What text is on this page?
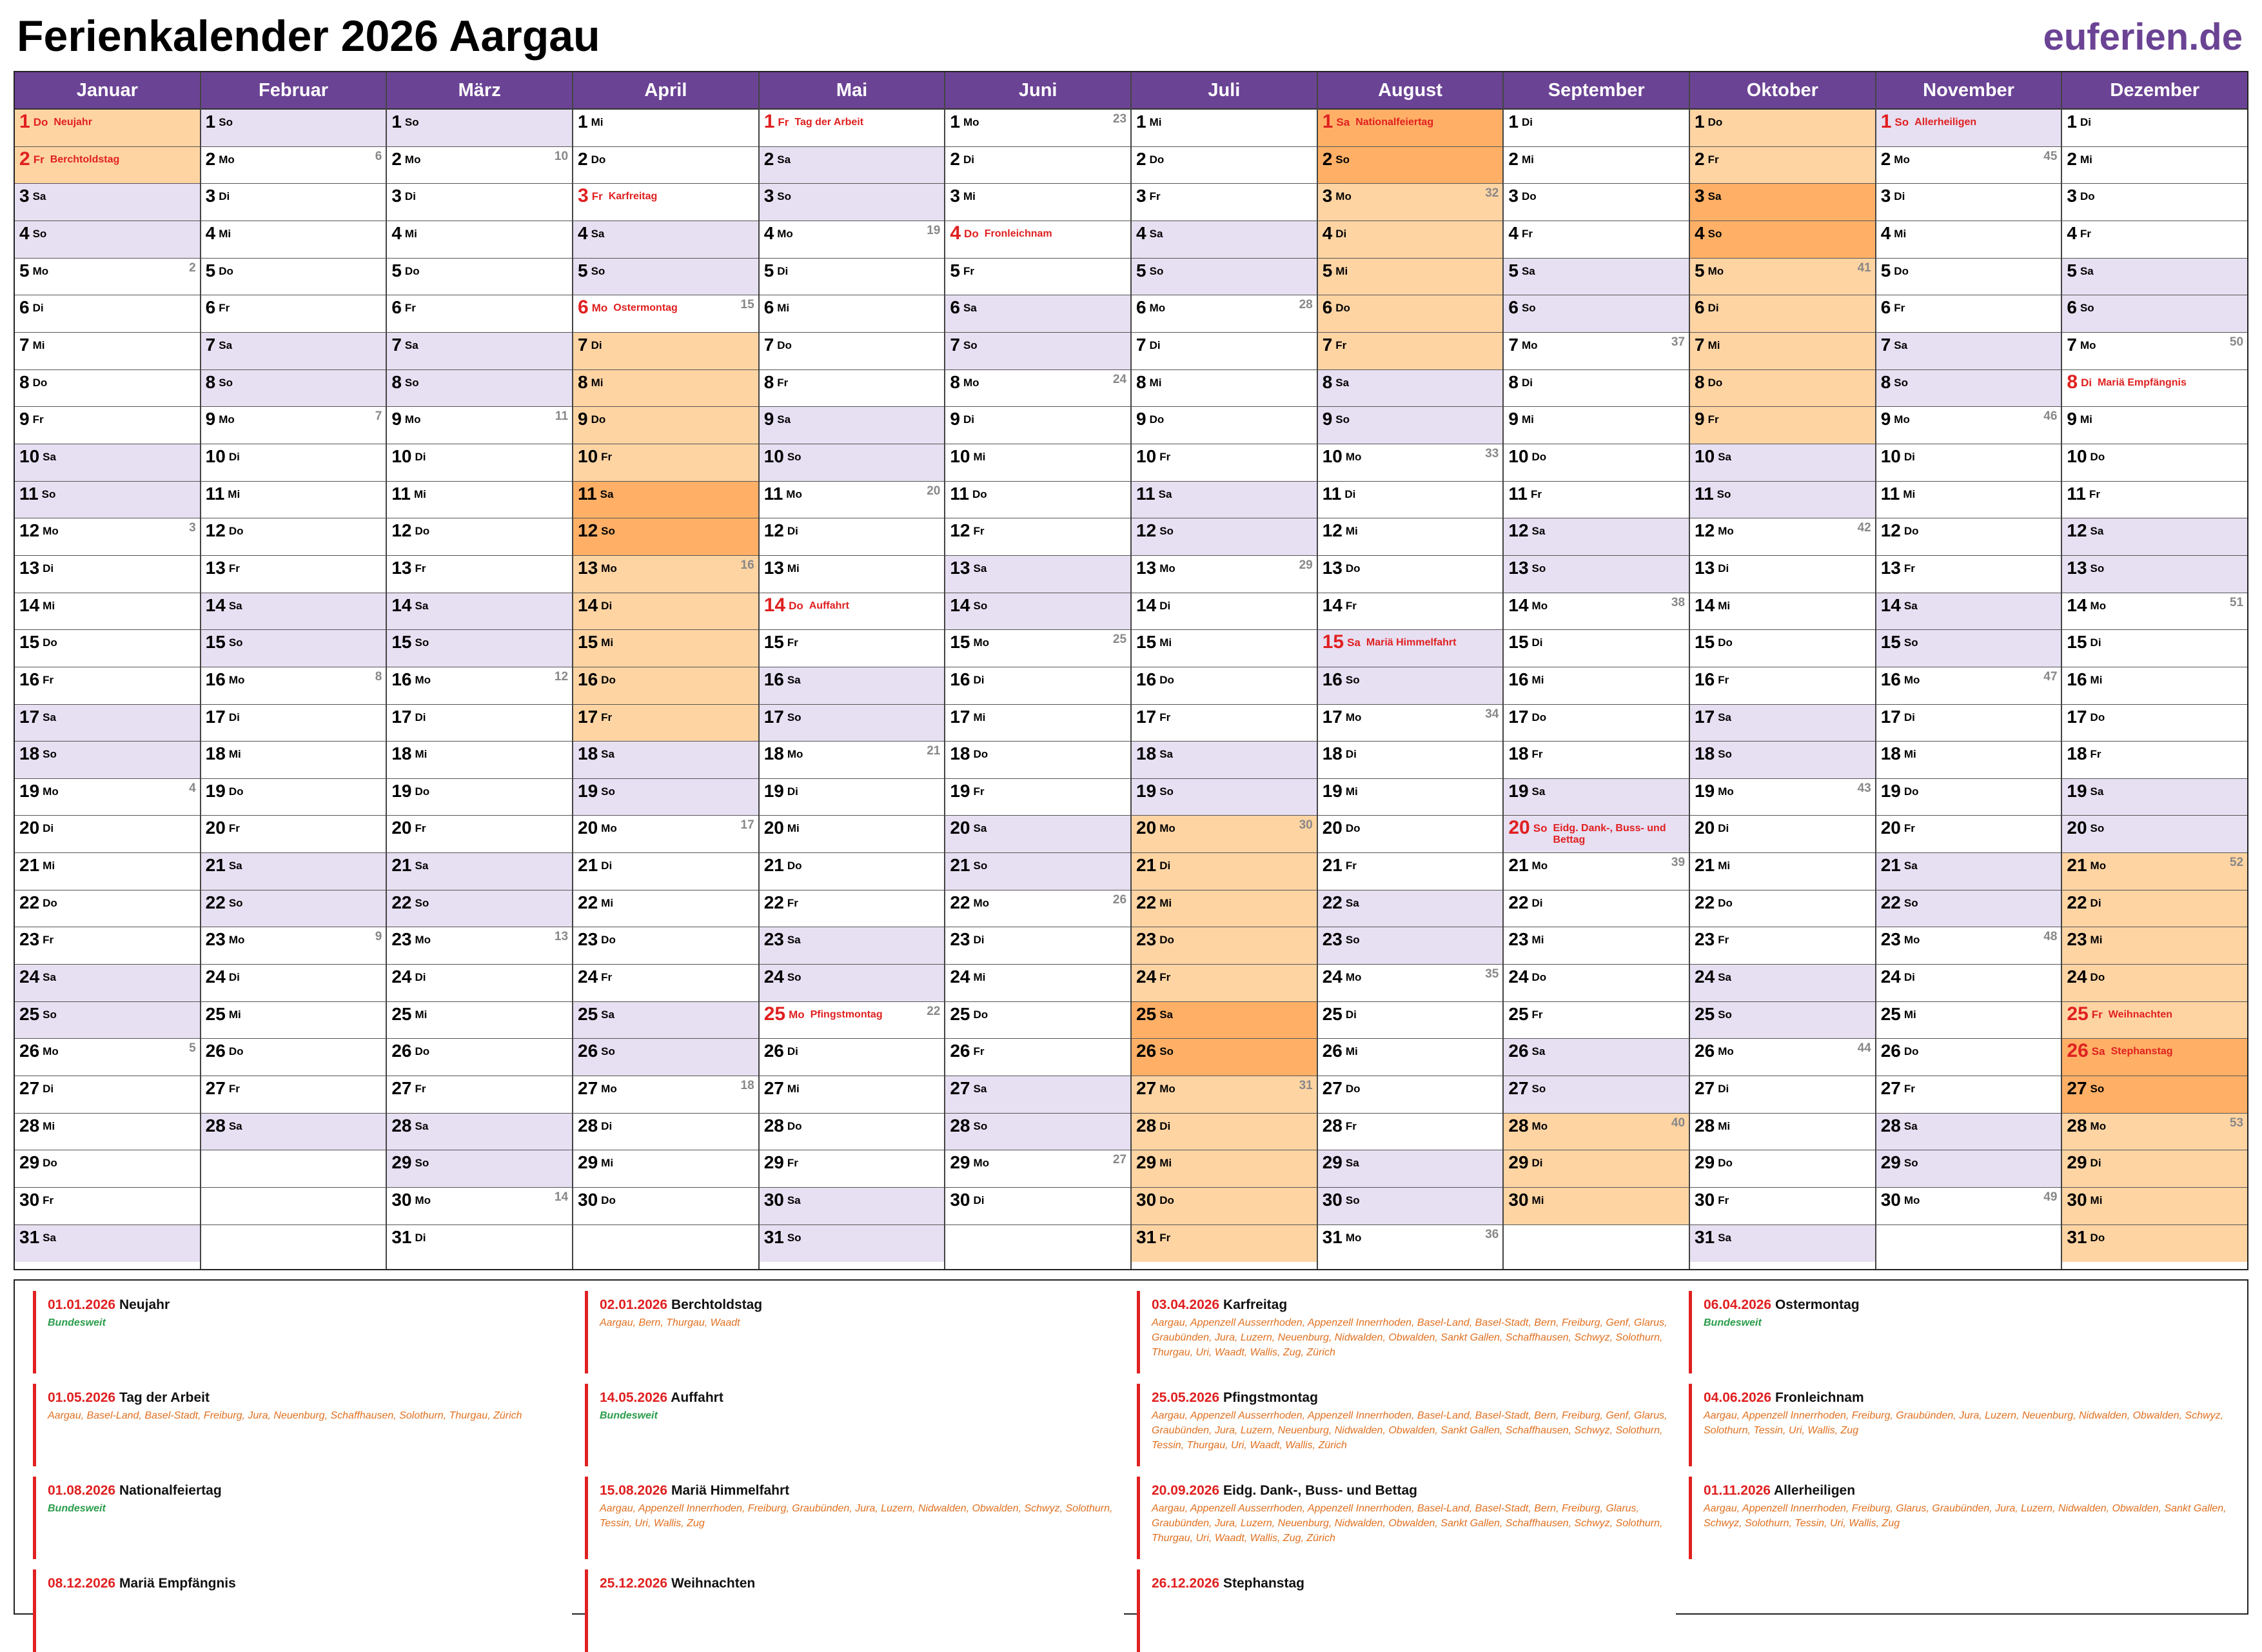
Ferienkalender 2026 Aargau	euferien.de
Januar
1 Do Neujahr
2 Fr Berchtoldstag
3 Sa
4 So
5 Mo	2
6 Di
7 Mi
8 Do
9 Fr
10 Sa
11 So
12 Mo	3
13 Di
14 Mi
15 Do
16 Fr
17 Sa
18 So
19 Mo	4
20 Di
21 Mi
22 Do
23 Fr
24 Sa
25 So
26 Mo	5
27 Di
28 Mi
29 Do
30 Fr
31 Sa
Februar
1 So
2 Mo	6
3 Di
4 Mi
5 Do
6 Fr
7 Sa
8 So
9 Mo	7
10 Di
11 Mi
12 Do
13 Fr
14 Sa
15 So
16 Mo	8
17 Di
18 Mi
19 Do
20 Fr
21 Sa
22 So
23 Mo	9
24 Di
25 Mi
26 Do
27 Fr
28 Sa
März
1 So
2 Mo	10
3 Di
4 Mi
5 Do
6 Fr
7 Sa
8 So
9 Mo	11
10 Di
11 Mi
12 Do
13 Fr
14 Sa
15 So
16 Mo	12
17 Di
18 Mi
19 Do
20 Fr
21 Sa
22 So
23 Mo	13
24 Di
25 Mi
26 Do
27 Fr
28 Sa
29 So
30 Mo	14
31 Di
April
1 Mi
2 Do
3 Fr Karfreitag
4 Sa
5 So
6 Mo Ostermontag	15
7 Di
8 Mi
9 Do
10 Fr
11 Sa
12 So
13 Mo	16
14 Di
15 Mi
16 Do
17 Fr
18 Sa
19 So
20 Mo	17
21 Di
22 Mi
23 Do
24 Fr
25 Sa
26 So
27 Mo	18
28 Di
29 Mi
30 Do
Mai
1 Fr Tag der Arbeit
2 Sa
3 So
4 Mo	19
5 Di
6 Mi
7 Do
8 Fr
9 Sa
10 So
11 Mo	20
12 Di
13 Mi
14 Do Auffahrt
15 Fr
16 Sa
17 So
18 Mo	21
19 Di
20 Mi
21 Do
22 Fr
23 Sa
24 So
25 Mo Pfingstmontag	22
26 Di
27 Mi
28 Do
29 Fr
30 Sa
31 So
Juni
1 Mo	23
2 Di
3 Mi
4 Do Fronleichnam
5 Fr
6 Sa
7 So
8 Mo	24
9 Di
10 Mi
11 Do
12 Fr
13 Sa
14 So
15 Mo	25
16 Di
17 Mi
18 Do
19 Fr
20 Sa
21 So
22 Mo	26
23 Di
24 Mi
25 Do
26 Fr
27 Sa
28 So
29 Mo	27
30 Di
Juli
1 Mi
2 Do
3 Fr
4 Sa
5 So
6 Mo	28
7 Di
8 Mi
9 Do
10 Fr
11 Sa
12 So
13 Mo	29
14 Di
15 Mi
16 Do
17 Fr
18 Sa
19 So
20 Mo	30
21 Di
22 Mi
23 Do
24 Fr
25 Sa
26 So
27 Mo	31
28 Di
29 Mi
30 Do
31 Fr
August
1 Sa Nationalfeiertag
2 So
3 Mo	32
4 Di
5 Mi
6 Do
7 Fr
8 Sa
9 So
10 Mo	33
11 Di
12 Mi
13 Do
14 Fr
15 Sa Mariä Himmelfahrt
16 So
17 Mo	34
18 Di
19 Mi
20 Do
21 Fr
22 Sa
23 So
24 Mo	35
25 Di
26 Mi
27 Do
28 Fr
29 Sa
30 So
31 Mo	36
September
1 Di
2 Mi
3 Do
4 Fr
5 Sa
6 So
7 Mo	37
8 Di
9 Mi
10 Do
11 Fr
12 Sa
13 So
14 Mo	38
15 Di
16 Mi
17 Do
18 Fr
19 Sa
20 So Eidg. Dank-, Buss- und Bettag
21 Mo	39
22 Di
23 Mi
24 Do
25 Fr
26 Sa
27 So
28 Mo	40
29 Di
30 Mi
Oktober
1 Do
2 Fr
3 Sa
4 So
5 Mo	41
6 Di
7 Mi
8 Do
9 Fr
10 Sa
11 So
12 Mo	42
13 Di
14 Mi
15 Do
16 Fr
17 Sa
18 So
19 Mo	43
20 Di
21 Mi
22 Do
23 Fr
24 Sa
25 So
26 Mo	44
27 Di
28 Mi
29 Do
30 Fr
31 Sa
November
1 So Allerheiligen
2 Mo	45
3 Di
4 Mi
5 Do
6 Fr
7 Sa
8 So
9 Mo	46
10 Di
11 Mi
12 Do
13 Fr
14 Sa
15 So
16 Mo	47
17 Di
18 Mi
19 Do
20 Fr
21 Sa
22 So
23 Mo	48
24 Di
25 Mi
26 Do
27 Fr
28 Sa
29 So
30 Mo	49
Dezember
1 Di
2 Mi
3 Do
4 Fr
5 Sa
6 So
7 Mo	50
8 Di Mariä Empfängnis
9 Mi
10 Do
11 Fr
12 Sa
13 So
14 Mo	51
15 Di
16 Mi
17 Do
18 Fr
19 Sa
20 So
21 Mo	52
22 Di
23 Mi
24 Do
25 Fr Weihnachten
26 Sa Stephanstag
27 So
28 Mo	53
29 Di
30 Mi
31 Do
01.01.2026 Neujahr
Bundesweit
02.01.2026 Berchtoldstag
Aargau, Bern, Thurgau, Waadt
03.04.2026 Karfreitag
Aargau, Appenzell Ausserrhoden, Appenzell Innerrhoden, Basel-Land, Basel-Stadt, Bern, Freiburg, Genf, Glarus, Graubünden, Jura, Luzern, Neuenburg, Nidwalden, Obwalden, Sankt Gallen, Schaffhausen, Schwyz, Solothurn, Thurgau, Uri, Waadt, Wallis, Zug, Zürich
06.04.2026 Ostermontag
Bundesweit
01.05.2026 Tag der Arbeit
Aargau, Basel-Land, Basel-Stadt, Freiburg, Jura, Neuenburg, Schaffhausen, Solothurn, Thurgau, Zürich
14.05.2026 Auffahrt
Bundesweit
25.05.2026 Pfingstmontag
Aargau, Appenzell Ausserrhoden, Appenzell Innerrhoden, Basel-Land, Basel-Stadt, Bern, Freiburg, Genf, Glarus, Graubünden, Jura, Luzern, Neuenburg, Nidwalden, Obwalden, Sankt Gallen, Schaffhausen, Schwyz, Solothurn, Tessin, Thurgau, Uri, Waadt, Wallis, Zürich
04.06.2026 Fronleichnam
Aargau, Appenzell Innerrhoden, Freiburg, Graubünden, Jura, Luzern, Neuenburg, Nidwalden, Obwalden, Schwyz, Solothurn, Tessin, Uri, Wallis, Zug
01.08.2026 Nationalfeiertag
Bundesweit
15.08.2026 Mariä Himmelfahrt
Aargau, Appenzell Innerrhoden, Freiburg, Graubünden, Jura, Luzern, Nidwalden, Obwalden, Schwyz, Solothurn, Tessin, Uri, Wallis, Zug
20.09.2026 Eidg. Dank-, Buss- und Bettag
Aargau, Appenzell Ausserrhoden, Appenzell Innerrhoden, Basel-Land, Basel-Stadt, Bern, Freiburg, Glarus, Graubünden, Jura, Luzern, Neuenburg, Nidwalden, Obwalden, Sankt Gallen, Schaffhausen, Schwyz, Solothurn, Thurgau, Uri, Waadt, Wallis, Zug, Zürich
01.11.2026 Allerheiligen
Aargau, Appenzell Innerrhoden, Freiburg, Glarus, Graubünden, Jura, Luzern, Nidwalden, Obwalden, Sankt Gallen, Schwyz, Solothurn, Tessin, Uri, Wallis, Zug
08.12.2026 Mariä Empfängnis	25.12.2026 Weihnachten	26.12.2026 Stephanstag
